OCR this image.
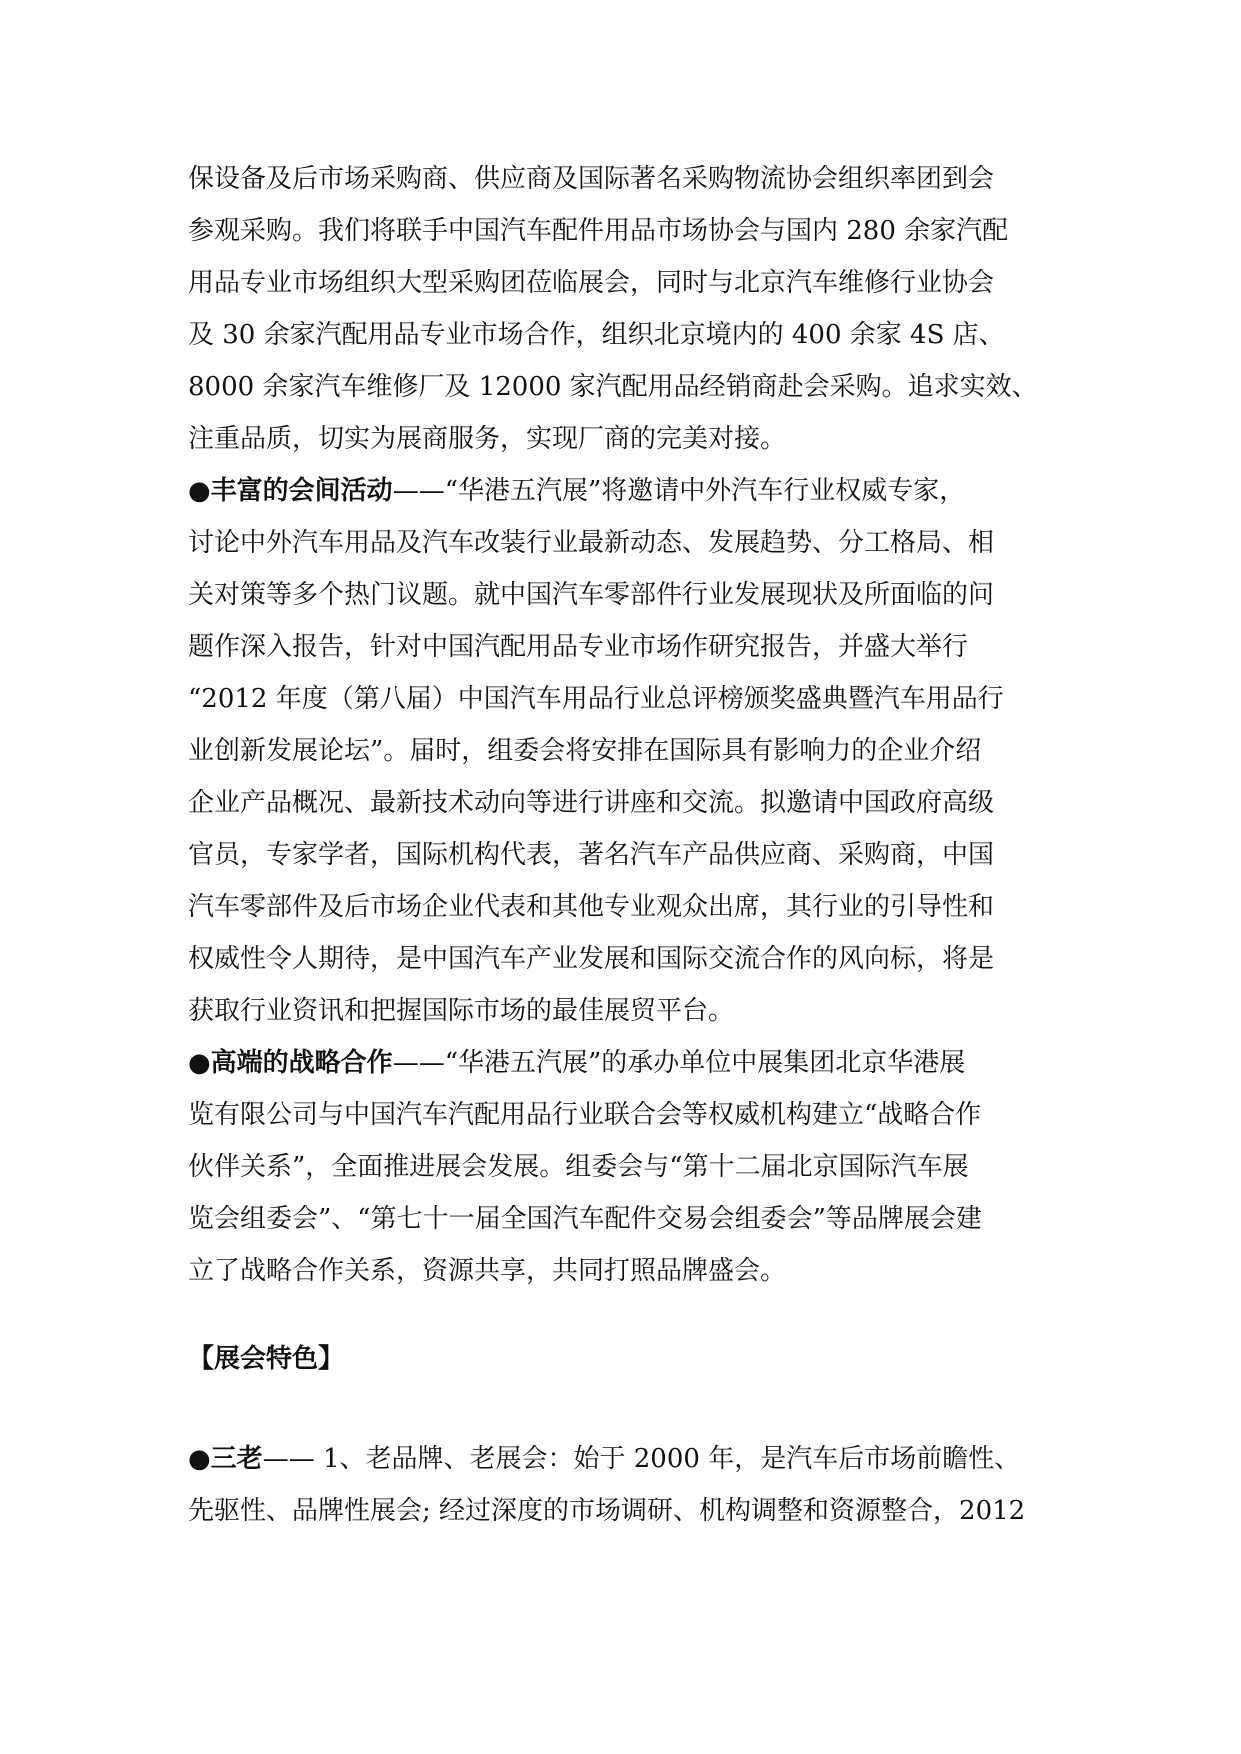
保设备及后市场采购商、供应商及国际著名采购物流协会组织率团到会
参观采购。我们将联手中国汽车配件用品市场协会与国内 280 余家汽配
用品专业市场组织大型采购团莅临展会，同时与北京汽车维修行业协会
及 30 余家汽配用品专业市场合作，组织北京境内的 400 余家 4S 店、
8000 余家汽车维修厂及 12000 家汽配用品经销商赴会采购。追求实效、
注重品质，切实为展商服务，实现厂商的完美对接。
●丰富的会间活动——“华港五汽展”将邀请中外汽车行业权威专家，
讨论中外汽车用品及汽车改装行业最新动态、发展趋势、分工格局、相
关对策等多个热门议题。就中国汽车零部件行业发展现状及所面临的问
题作深入报告，针对中国汽配用品专业市场作研究报告，并盛大举行
“2012 年度（第八届）中国汽车用品行业总评榜颁奖盛典暨汽车用品行
业创新发展论坛”。届时，组委会将安排在国际具有影响力的企业介绍
企业产品概况、最新技术动向等进行讲座和交流。拟邀请中国政府高级
官员，专家学者，国际机构代表，著名汽车产品供应商、采购商，中国
汽车零部件及后市场企业代表和其他专业观众出席，其行业的引导性和
权威性令人期待，是中国汽车产业发展和国际交流合作的风向标，将是
获取行业资讯和把握国际市场的最佳展贸平台。
●高端的战略合作——“华港五汽展”的承办单位中展集团北京华港展
览有限公司与中国汽车汽配用品行业联合会等权威机构建立“战略合作
伙伴关系”，全面推进展会发展。组委会与“第十二届北京国际汽车展
览会组委会”、“第七十一届全国汽车配件交易会组委会”等品牌展会建
立了战略合作关系，资源共享，共同打照品牌盛会。
【展会特色】
●三老—— 1、老品牌、老展会：始于 2000 年，是汽车后市场前瞻性、
先驱性、品牌性展会; 经过深度的市场调研、机构调整和资源整合，2012
